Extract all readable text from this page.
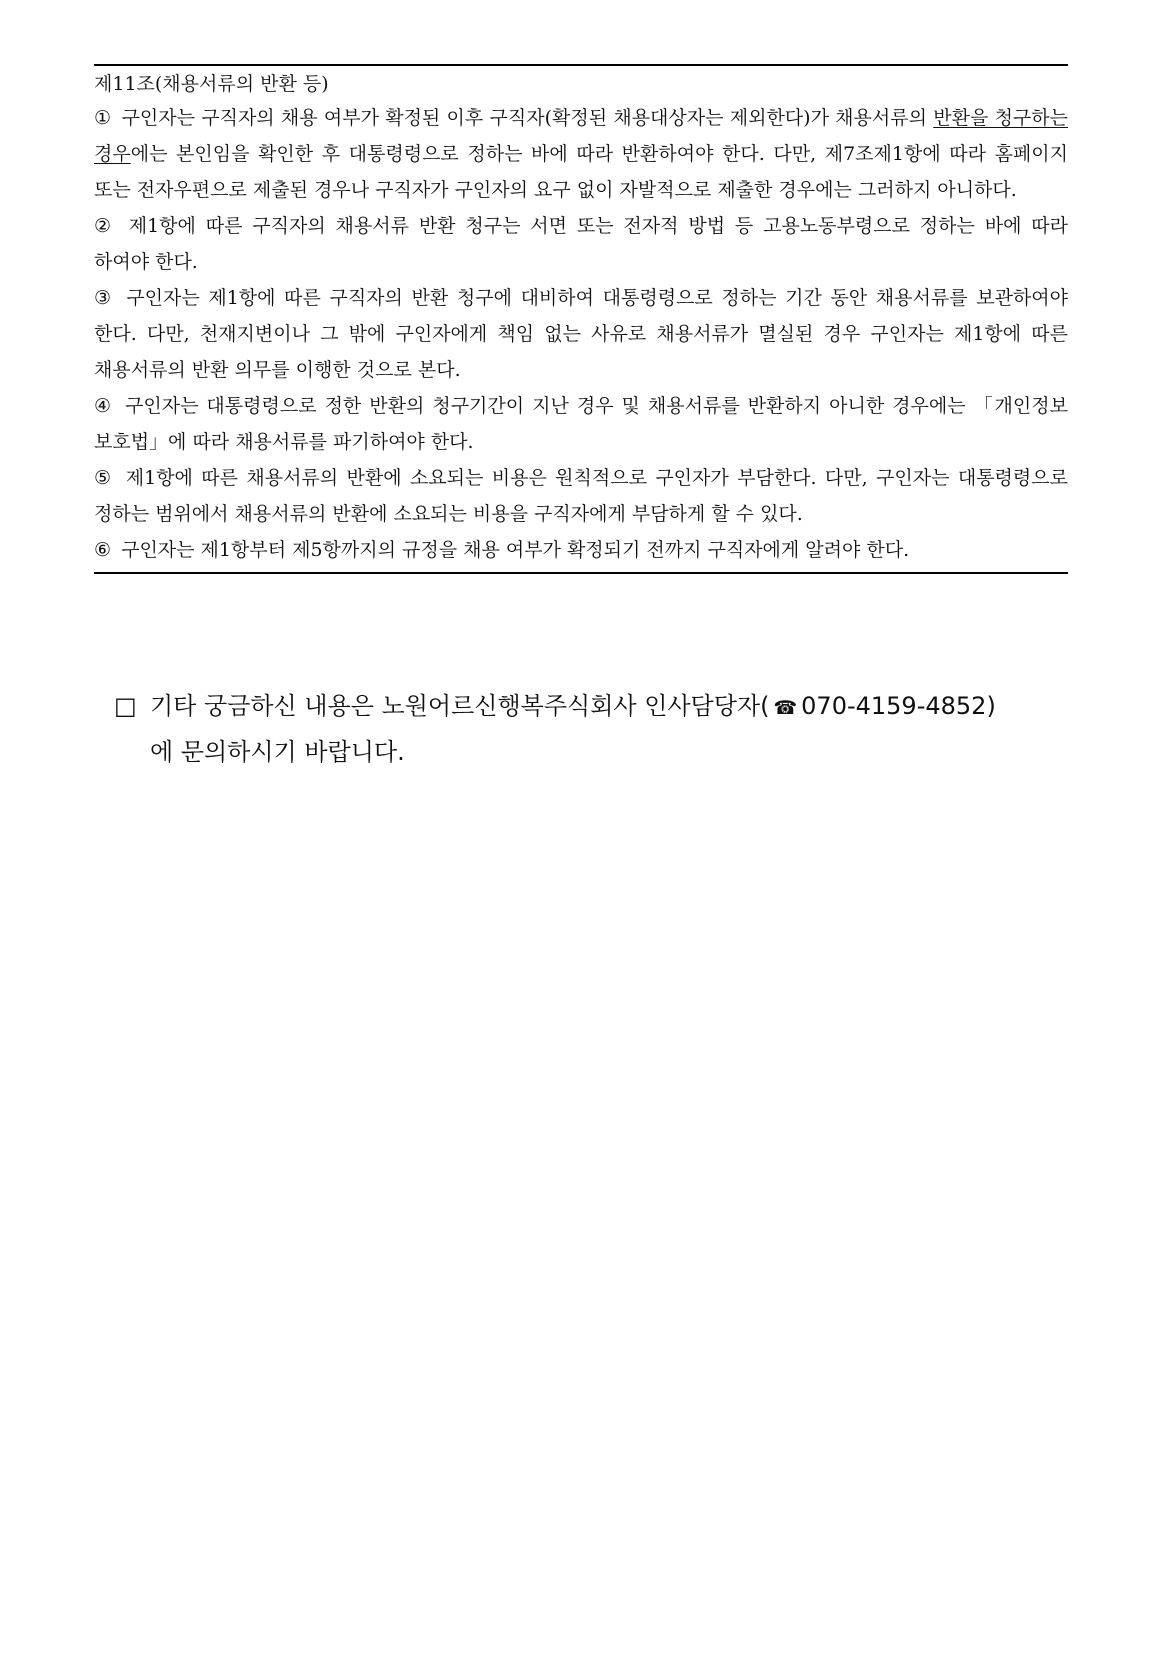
제11조(채용서류의 반환 등)
① 구인자는 구직자의 채용 여부가 확정된 이후 구직자(확정된 채용대상자는 제외한다)가 채용서류의 반환을 청구하는 경우에는 본인임을 확인한 후 대통령령으로 정하는 바에 따라 반환하여야 한다. 다만, 제7조제1항에 따라 홈페이지 또는 전자우편으로 제출된 경우나 구직자가 구인자의 요구 없이 자발적으로 제출한 경우에는 그러하지 아니하다.
② 제1항에 따른 구직자의 채용서류 반환 청구는 서면 또는 전자적 방법 등 고용노동부령으로 정하는 바에 따라 하여야 한다.
③ 구인자는 제1항에 따른 구직자의 반환 청구에 대비하여 대통령령으로 정하는 기간 동안 채용서류를 보관하여야 한다. 다만, 천재지변이나 그 밖에 구인자에게 책임 없는 사유로 채용서류가 멸실된 경우 구인자는 제1항에 따른 채용서류의 반환 의무를 이행한 것으로 본다.
④ 구인자는 대통령령으로 정한 반환의 청구기간이 지난 경우 및 채용서류를 반환하지 아니한 경우에는 「개인정보 보호법」에 따라 채용서류를 파기하여야 한다.
⑤ 제1항에 따른 채용서류의 반환에 소요되는 비용은 원칙적으로 구인자가 부담한다. 다만, 구인자는 대통령령으로 정하는 범위에서 채용서류의 반환에 소요되는 비용을 구직자에게 부담하게 할 수 있다.
⑥ 구인자는 제1항부터 제5항까지의 규정을 채용 여부가 확정되기 전까지 구직자에게 알려야 한다.
□ 기타 궁금하신 내용은 노원어르신행복주식회사 인사담당자( ☎ 070-4159-4852)
에 문의하시기 바랍니다.
